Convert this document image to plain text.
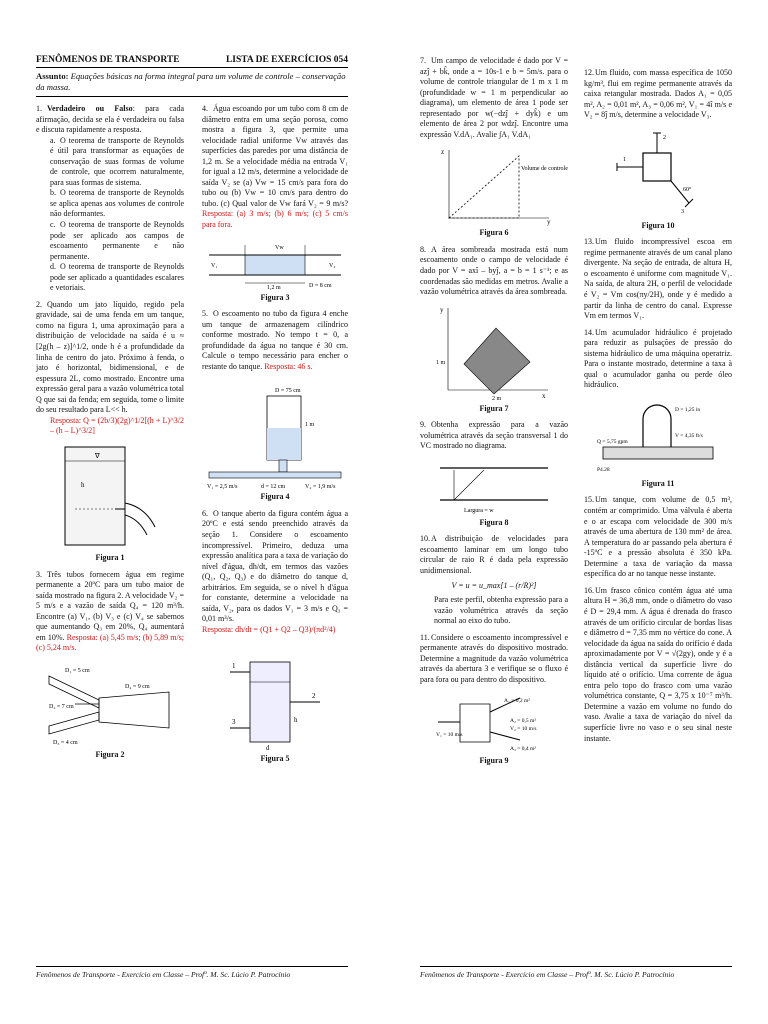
FENÔMENOS DE TRANSPORTE	LISTA DE EXERCÍCIOS 054
Assunto: Equações básicas na forma integral para um volume de controle – conservação da massa.
1. Verdadeiro ou Falso: para cada afirmação, decida se ela é verdadeira ou falsa e discuta rapidamente a resposta.
a. O teorema de transporte de Reynolds é útil para transformar as equações de conservação de suas formas de volume de controle, que ocorrem naturalmente, para suas formas de sistema.
b. O teorema de transporte de Reynolds se aplica apenas aos volumes de controle não deformantes.
c. O teorema de transporte de Reynolds pode ser aplicado aos campos de escoamento permanente e não permanente.
d. O teorema de transporte de Reynolds pode ser aplicado a quantidades escalares e vetoriais.
2. Quando um jato líquido, regido pela gravidade, sai de uma fenda em um tanque, como na figura 1, uma aproximação para a distribuição de velocidade na saída é u ≈ [2g(h – z)]^1/2, onde h é a profundidade da linha de centro do jato. Próximo à fenda, o jato é horizontal, bidimensional, e de espessura 2L, como mostrado. Encontre uma expressão geral para a vazão volumétrica total Q que sai da fenda; em seguida, tome o limite do seu resultado para L<< h.
Resposta: Q = (2b/3)(2g)^1/2[(h + L)^3/2 – (h – L)^3/2]
∇
h
Figura 1
3. Três tubos fornecem água em regime permanente a 20ºC para um tubo maior de saída mostrado na figura 2. A velocidade V₂ = 5 m/s e a vazão de saída Q₄ = 120 m³/h. Encontre (a) V₁, (b) V₃ e (c) V₄ se sabemos que aumentando Q₃ em 20%, Q₄ aumentará em 10%. Resposta: (a) 5,45 m/s; (b) 5,89 m/s; (c) 5,24 m/s.
D₁ = 5 cm
D₂ = 7 cm
D₃ = 4 cm
D₄ = 9 cm
Figura 2
4. Água escoando por um tubo com 8 cm de diâmetro entra em uma seção porosa, como mostra a figura 3, que permite uma velocidade radial uniforme Vw através das superfícies das paredes por uma distância de 1,2 m. Se a velocidade média na entrada V₁ for igual a 12 m/s, determine a velocidade de saída V₂ se (a) Vw = 15 cm/s para fora do tubo ou (b) Vw = 10 cm/s para dentro do tubo. (c) Qual valor de Vw fará V₂ = 9 m/s? Resposta: (a) 3 m/s; (b) 6 m/s; (c) 5 cm/s para fora.
Vw
V₁	V₂
1,2 m	D = 8 cm
Figura 3
5. O escoamento no tubo da figura 4 enche um tanque de armazenagem cilíndrico conforme mostrado. No tempo t = 0, a profundidade da água no tanque é 30 cm. Calcule o tempo necessário para encher o restante do tanque. Resposta: 46 s.
D = 75 cm
1 m
V₁ = 2,5 m/s	d = 12 cm	V₂ = 1,9 m/s
Figura 4
6. O tanque aberto da figura contém água a 20ºC e está sendo preenchido através da seção 1. Considere o escoamento incompressível. Primeiro, deduza uma expressão analítica para a taxa de variação do nível d'água, dh/dt, em termos das vazões (Q₁, Q₂, Q₃) e do diâmetro do tanque d, arbitrários. Em seguida, se o nível h d'água for constante, determine a velocidade na saída, V₂, para os dados V₁ = 3 m/s e Q₃ = 0,01 m³/s.
Resposta: dh/dt = (Q1 + Q2 – Q3)/(πd²/4)
1
2
3	h
d
Figura 5
Fenômenos de Transporte - Exercício em Classe – Profº. M. Sc. Lúcio P. Patrocínio
7. Um campo de velocidade é dado por V = azĵ + bk̂, onde a = 10s-1 e b = 5m/s. para o volume de controle triangular de 1 m x 1 m (profundidade w = 1 m perpendicular ao diagrama), um elemento de área 1 pode ser representado por w(−dzĵ + dyk̂) e um elemento de área 2 por wdzĵ. Encontre uma expressão V.dA₁. Avalie ∫A₁ V.dA₁
Volume de controle
z
y
Figura 6
8. A área sombreada mostrada está num escoamento onde o campo de velocidade é dado por V = axî – byĵ, a = b = 1 s⁻¹; e as coordenadas são medidas em metros. Avalie a vazão volumétrica através da área sombreada.
x
y
1 m
2 m
Figura 7
9. Obtenha expressão para a vazão volumétrica através da seção transversal 1 do VC mostrado no diagrama.
Largura = w
Figura 8
10.A distribuição de velocidades para escoamento laminar em um longo tubo circular de raio R é dada pela expressão unidimensional.
V = u = u_max[1 – (r/R)²]
Para este perfil, obtenha expressão para a vazão volumétrica através da seção normal ao eixo do tubo.
11.Considere o escoamento incompressível e permanente através do dispositivo mostrado. Determine a magnitude da vazão volumétrica através da abertura 3 e verifique se o fluxo é para fora ou para dentro do dispositivo.
A₁ = 0,2 m²
A₂ = 0,5 m²
V₂ = 10 m/s
A₃ = 0,4 m²
V₁ = 10 m/s
Figura 9
12.Um fluido, com massa específica de 1050 kg/m³, flui em regime permanente através da caixa retangular mostrada. Dados A₁ = 0,05 m², A₂ = 0,01 m², A₃ = 0,06 m², V₁ = 4î m/s e V₂ = 8ĵ m/s, determine a velocidade V₃.
1
2
3
60°
Figura 10
13.Um fluido incompressível escoa em regime permanente através de um canal plano divergente. Na seção de entrada, de altura H, o escoamento é uniforme com magnitude V₁. Na saída, de altura 2H, o perfil de velocidade é V₂ = Vm cos(πy/2H), onde y é medido a partir da linha de centro do canal. Expresse Vm em termos V₁.
14.Um acumulador hidráulico é projetado para reduzir as pulsações de pressão do sistema hidráulico de uma máquina operatriz. Para o instante mostrado, determine a taxa à qual o acumulador ganha ou perde óleo hidráulico.
D = 1,25 in
V = 4,35 ft/s
Q = 5,75 gpm
P4.28
Figura 11
15.Um tanque, com volume de 0,5 m³, contém ar comprimido. Uma válvula é aberta e o ar escapa com velocidade de 300 m/s através de uma abertura de 130 mm² de área. A temperatura do ar passando pela abertura é -15ºC e a pressão absoluta é 350 kPa. Determine a taxa de variação da massa específica do ar no tanque nesse instante.
16.Um frasco cônico contém água até uma altura H = 36,8 mm, onde o diâmetro do vaso é D = 29,4 mm. A água é drenada do frasco através de um orifício circular de bordas lisas e diâmetro d = 7,35 mm no vértice do cone. A velocidade da água na saída do orifício é dada aproximadamente por V = √(2gy), onde y é a distância vertical da superfície livre do líquido até o orifício. Uma corrente de água entra pelo topo do frasco com uma vazão volumétrica constante, Q = 3,75 x 10⁻⁷ m³/h. Determine a vazão em volume no fundo do vaso. Avalie a taxa de variação do nível da superfície livre no vaso e o seu sinal neste instante.
Fenômenos de Transporte - Exercício em Classe – Profº. M. Sc. Lúcio P. Patrocínio
